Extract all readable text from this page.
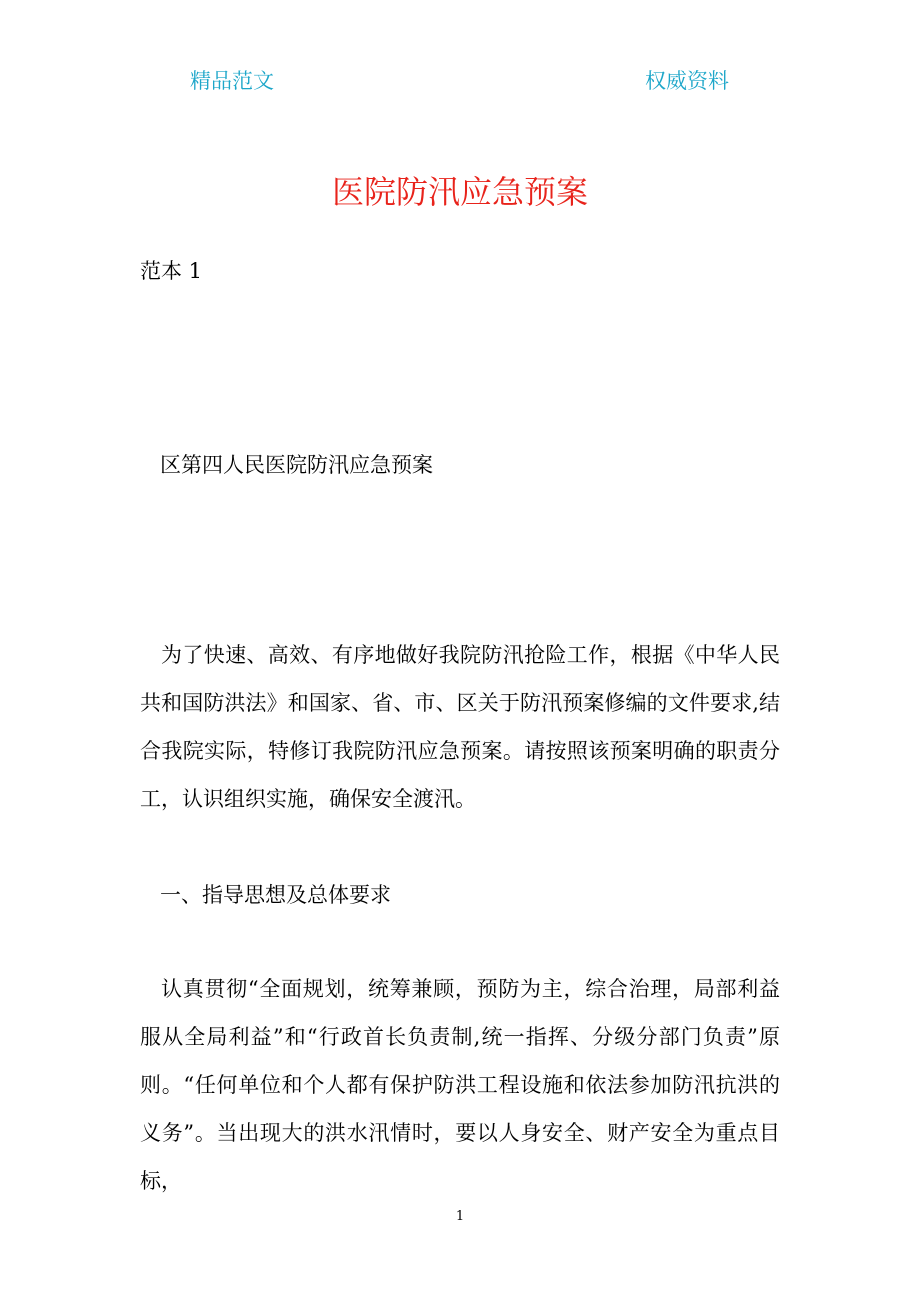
精品范文	权威资料
医院防汛应急预案
范本 1
区第四人民医院防汛应急预案

为了快速、高效、有序地做好我院防汛抢险工作，根据《中华人民共和国防洪法》和国家、省、市、区关于防汛预案修编的文件要求,结合我院实际，特修订我院防汛应急预案。请按照该预案明确的职责分工，认识组织实施，确保安全渡汛。

一、指导思想及总体要求

认真贯彻“全面规划，统筹兼顾，预防为主，综合治理，局部利益服从全局利益”和“行政首长负责制,统一指挥、分级分部门负责”原则。“任何单位和个人都有保护防洪工程设施和依法参加防汛抗洪的义务”。当出现大的洪水汛情时，要以人身安全、财产安全为重点目标，

1
